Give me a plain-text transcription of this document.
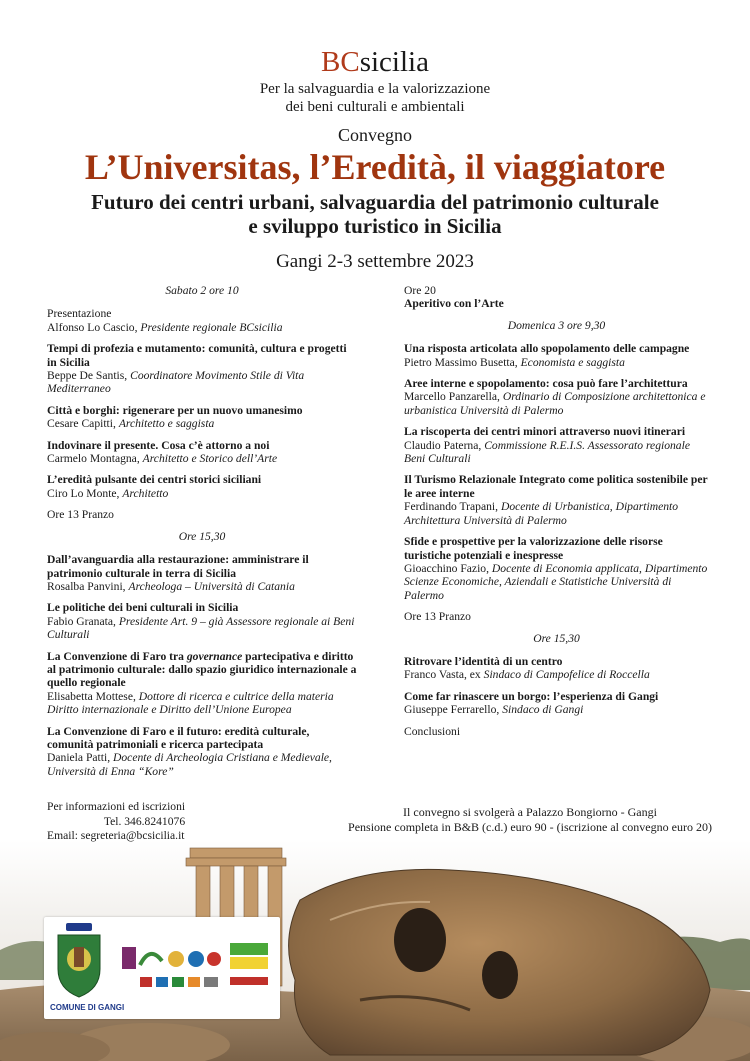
BCsicilia
Per la salvaguardia e la valorizzazione
dei beni culturali e ambientali
Convegno
L’Universitas, l’Eredità, il viaggiatore
Futuro dei centri urbani, salvaguardia del patrimonio culturale
e sviluppo turistico in Sicilia
Gangi 2-3 settembre 2023
Sabato 2 ore 10
Presentazione
Alfonso Lo Cascio, Presidente regionale BCsicilia
Tempi di profezia e mutamento: comunità, cultura e progetti in Sicilia
Beppe De Santis, Coordinatore Movimento Stile di Vita Mediterraneo
Città e borghi: rigenerare per un nuovo umanesimo
Cesare Capitti, Architetto e saggista
Indovinare il presente. Cosa c’è attorno a noi
Carmelo Montagna, Architetto e Storico dell’Arte
L’eredità pulsante dei centri storici siciliani
Ciro Lo Monte, Architetto
Ore 13 Pranzo
Ore 15,30
Dall’avanguardia alla restaurazione: amministrare il patrimonio culturale in terra di Sicilia
Rosalba Panvini, Archeologa – Università di Catania
Le politiche dei beni culturali in Sicilia
Fabio Granata, Presidente Art. 9 – già Assessore regionale ai Beni Culturali
La Convenzione di Faro tra governance partecipativa e diritto al patrimonio culturale: dallo spazio giuridico internazionale a quello regionale
Elisabetta Mottese, Dottore di ricerca e cultrice della materia Diritto internazionale e Diritto dell’Unione Europea
La Convenzione di Faro e il futuro: eredità culturale, comunità patrimoniali e ricerca partecipata
Daniela Patti, Docente di Archeologia Cristiana e Medievale, Università di Enna “Kore”
Ore 20
Aperitivo con l’Arte
Domenica 3 ore 9,30
Una risposta articolata allo spopolamento delle campagne
Pietro Massimo Busetta, Economista e saggista
Aree interne e spopolamento: cosa può fare l’architettura
Marcello Panzarella, Ordinario di Composizione architettonica e urbanistica Università di Palermo
La riscoperta dei centri minori attraverso nuovi itinerari
Claudio Paterna, Commissione R.E.I.S. Assessorato regionale Beni Culturali
Il Turismo Relazionale Integrato come politica sostenibile per le aree interne
Ferdinando Trapani, Docente di Urbanistica, Dipartimento Architettura Università di Palermo
Sfide e prospettive per la valorizzazione delle risorse turistiche potenziali e inespresse
Gioacchino Fazio, Docente di Economia applicata, Dipartimento Scienze Economiche, Aziendali e Statistiche Università di Palermo
Ore 13 Pranzo
Ore 15,30
Ritrovare l’identità di un centro
Franco Vasta, ex Sindaco di Campofelice di Roccella
Come far rinascere un borgo: l’esperienza di Gangi
Giuseppe Ferrarello, Sindaco di Gangi
Conclusioni
Per informazioni ed iscrizioni
Tel. 346.8241076
Email: segreteria@bcsicilia.it
Il convegno si svolgerà a Palazzo Bongiorno - Gangi
Pensione completa in B&B (c.d.) euro 90 - (iscrizione al convegno euro 20)
COMUNE DI GANGI
